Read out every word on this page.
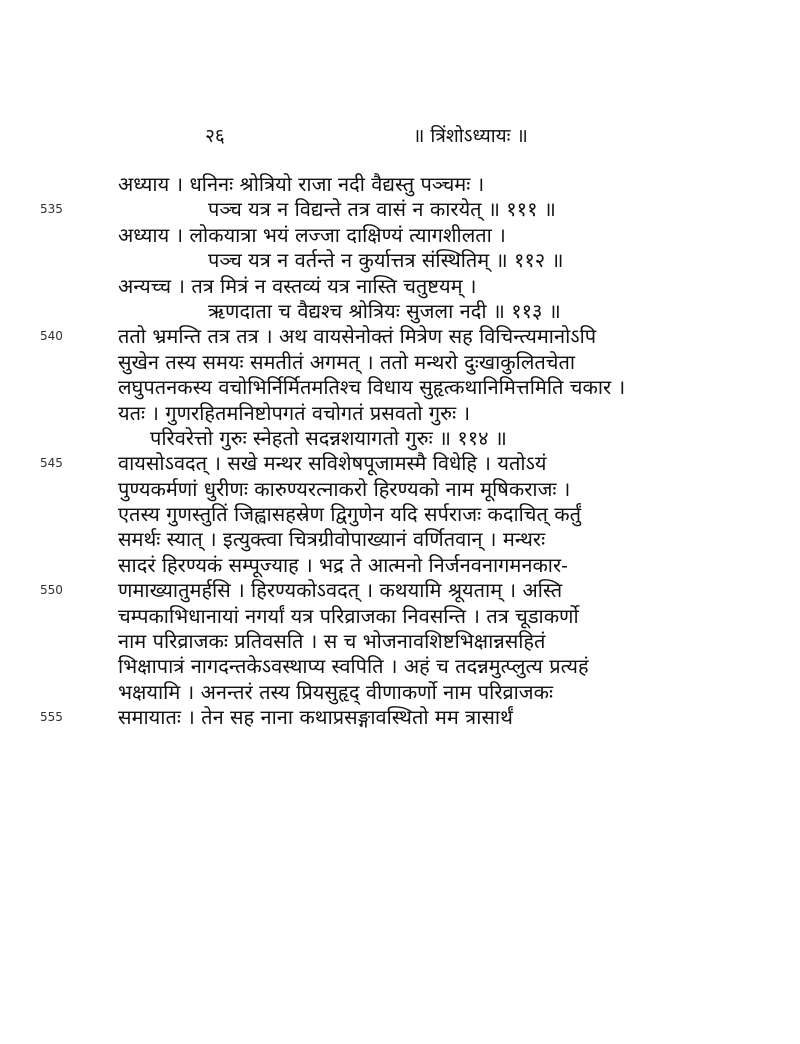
२६	॥ त्रिंशोऽध्यायः ॥
अध्याय । धनिनः श्रोत्रियो राजा नदी वैद्यस्तु पञ्चमः ।
535	पञ्च यत्र न विद्यन्ते तत्र वासं न कारयेत् ॥ १११ ॥
अध्याय । लोकयात्रा भयं लज्जा दाक्षिण्यं त्यागशीलता ।
पञ्च यत्र न वर्तन्ते न कुर्यात्तत्र संस्थितिम् ॥ ११२ ॥
अन्यच्च । तत्र मित्रं न वस्तव्यं यत्र नास्ति चतुष्टयम् ।
ऋणदाता च वैद्यश्च श्रोत्रियः सुजला नदी ॥ ११३ ॥
540	ततो भ्रमन्ति तत्र तत्र । अथ वायसेनोक्तं मित्रेण सह विचिन्त्यमानोऽपि
सुखेन तस्य समयः समतीतं अगमत् । ततो मन्थरो दुःखाकुलितचेता
लघुपतनकस्य वचोभिर्निर्मितमतिश्च विधाय सुहृत्कथानिमित्तमिति चकार ।
यतः । गुणरहितमनिष्टोपगतं वचोगतं प्रसवतो गुरुः ।
परिवरेत्तो गुरुः स्नेहतो सदन्नशयागतो गुरुः ॥ ११४ ॥
545	वायसोऽवदत् । सखे मन्थर सविशेषपूजामस्मै विधेहि । यतोऽयं
पुण्यकर्मणां धुरीणः कारुण्यरत्नाकरो हिरण्यको नाम मूषिकराजः ।
एतस्य गुणस्तुतिं जिह्वासहस्रेण द्विगुणेन यदि सर्पराजः कदाचित् कर्तुं
समर्थः स्यात् । इत्युक्त्वा चित्रग्रीवोपाख्यानं वर्णितवान् । मन्थरः
सादरं हिरण्यकं सम्पूज्याह । भद्र ते आत्मनो निर्जनवनागमनकार-
550	णमाख्यातुमर्हसि । हिरण्यकोऽवदत् । कथयामि श्रूयताम् । अस्ति
चम्पकाभिधानायां नगर्यां यत्र परिव्राजका निवसन्ति । तत्र चूडाकर्णो
नाम परिव्राजकः प्रतिवसति । स च भोजनावशिष्टभिक्षान्नसहितं
भिक्षापात्रं नागदन्तकेऽवस्थाप्य स्वपिति । अहं च तदन्नमुत्प्लुत्य प्रत्यहं
भक्षयामि । अनन्तरं तस्य प्रियसुहृद् वीणाकर्णो नाम परिव्राजकः
555	समायातः । तेन सह नाना कथाप्रसङ्गावस्थितो मम त्रासार्थं
